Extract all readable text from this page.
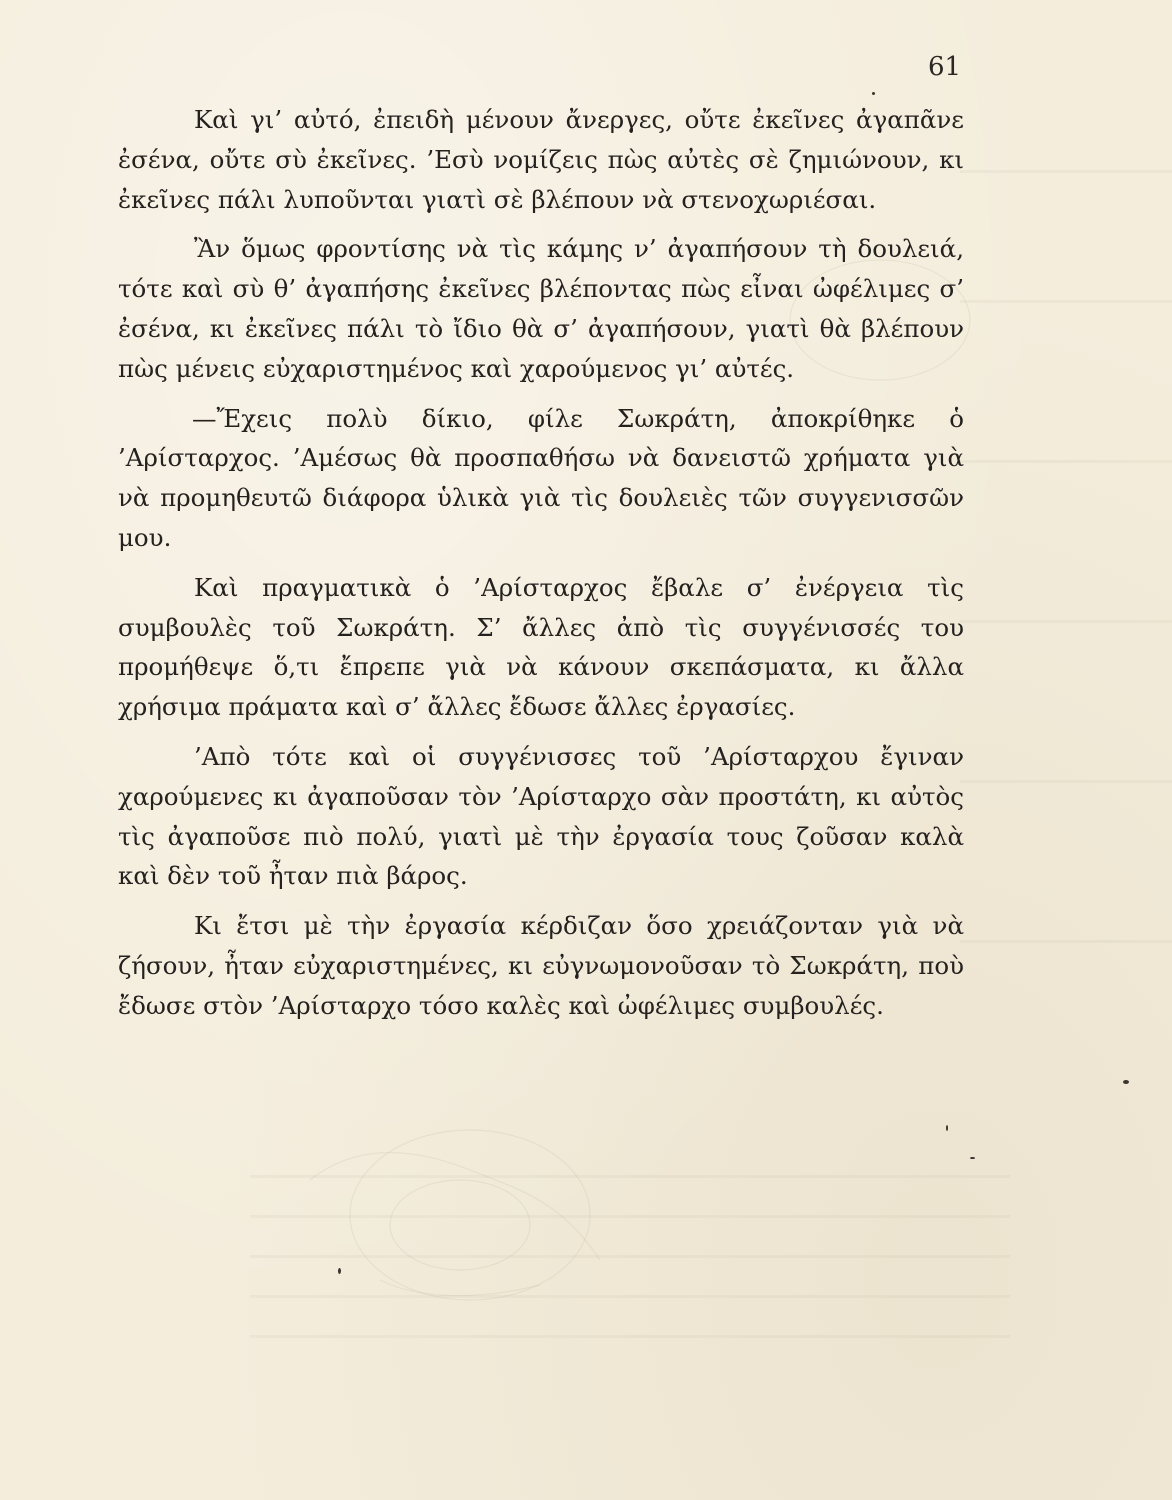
61

Καὶ γι’ αὐτό, ἐπειδὴ μένουν ἄνεργες, οὔτε ἐκεῖνες ἀγαπᾶνε ἐσένα, οὔτε σὺ ἐκεῖνες. ’Εσὺ νομίζεις πὼς αὐτὲς σὲ ζημιώνουν, κι ἐκεῖνες πάλι λυποῦνται γιατὶ σὲ βλέπουν νὰ στενοχωριέσαι.

Ἂν ὅμως φροντίσης νὰ τὶς κάμης ν’ ἀγαπήσουν τὴ δουλειά, τότε καὶ σὺ θ’ ἀγαπήσης ἐκεῖνες βλέποντας πὼς εἶναι ὠφέλιμες σ’ ἐσένα, κι ἐκεῖνες πάλι τὸ ἴδιο θὰ σ’ ἀγαπήσουν, γιατὶ θὰ βλέπουν πὼς μένεις εὐχαριστημένος καὶ χαρούμενος γι’ αὐτές.

—Ἔχεις πολὺ δίκιο, φίλε Σωκράτη, ἀποκρίθηκε ὁ ’Αρίσταρχος. ’Αμέσως θὰ προσπαθήσω νὰ δανειστῶ χρήματα γιὰ νὰ προμηθευτῶ διάφορα ὑλικὰ γιὰ τὶς δουλειὲς τῶν συγγενισσῶν μου.

Καὶ πραγματικὰ ὁ ’Αρίσταρχος ἔβαλε σ’ ἐνέργεια τὶς συμβουλὲς τοῦ Σωκράτη. Σ’ ἄλλες ἀπὸ τὶς συγγένισσές του προμήθεψε ὅ,τι ἔπρεπε γιὰ νὰ κάνουν σκεπάσματα, κι ἄλλα χρήσιμα πράματα καὶ σ’ ἄλλες ἔδωσε ἄλλες ἐργασίες.

’Απὸ τότε καὶ οἱ συγγένισσες τοῦ ’Αρίσταρχου ἔγιναν χαρούμενες κι ἀγαποῦσαν τὸν ’Αρίσταρχο σὰν προστάτη, κι αὐτὸς τὶς ἀγαποῦσε πιὸ πολύ, γιατὶ μὲ τὴν ἐργασία τους ζοῦσαν καλὰ καὶ δὲν τοῦ ἦταν πιὰ βάρος.

Κι ἔτσι μὲ τὴν ἐργασία κέρδιζαν ὅσο χρειάζονταν γιὰ νὰ ζήσουν, ἦταν εὐχαριστημένες, κι εὐγνωμονοῦσαν τὸ Σωκράτη, ποὺ ἔδωσε στὸν ’Αρίσταρχο τόσο καλὲς καὶ ὠφέλιμες συμβουλές.
